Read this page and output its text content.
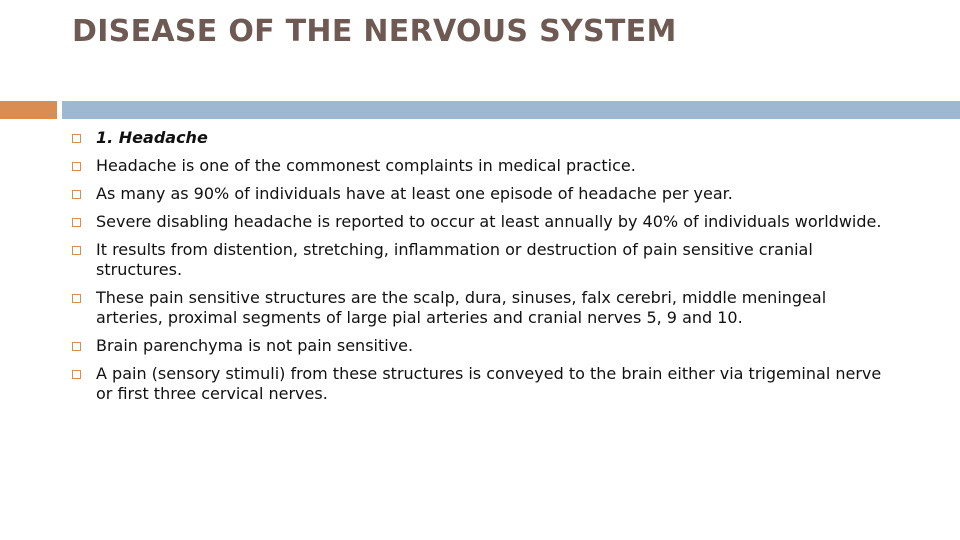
DISEASE OF THE NERVOUS SYSTEM
1. Headache
Headache is one of the commonest complaints in medical practice.
As many as 90% of individuals have at least one episode of headache per year.
Severe disabling headache is reported to occur at least annually by 40% of individuals worldwide.
It results from distention, stretching, inflammation or destruction of pain sensitive cranial structures.
These pain sensitive structures are the scalp, dura, sinuses, falx cerebri, middle meningeal arteries, proximal segments of large pial arteries and cranial nerves 5, 9 and 10.
Brain parenchyma is not pain sensitive.
A pain (sensory stimuli) from these structures is conveyed to the brain either via trigeminal nerve or first three cervical nerves.
